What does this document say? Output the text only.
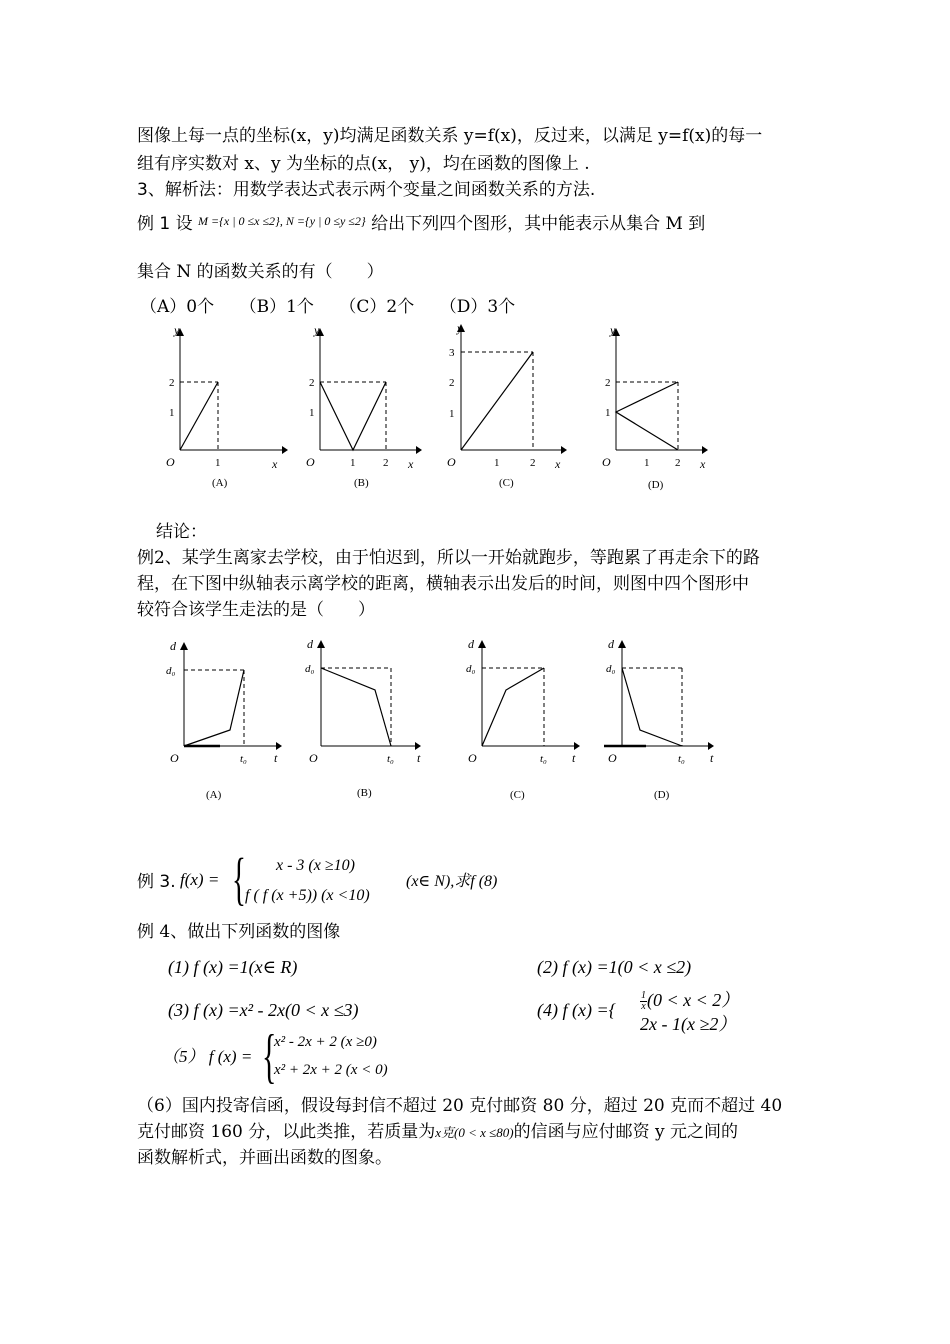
图像上每一点的坐标(x，y)均满足函数关系 y=f(x)，反过来，以满足 y=f(x)的每一
组有序实数对 x、y 为坐标的点(x， y)，均在函数的图像上 .
3、解析法：用数学表达式表示两个变量之间函数关系的方法.
例 1 设 $^{M =\{x | 0 \le x \le 2\}, N =\{y | 0 \le y \le 2\}}$ 给出下列四个图形，其中能表示从集合 M 到
集合 N 的函数关系的有（　　）
（A）0个　　（B）1个　　（C）2个　　（D）3个
y
x
O	1
1
2
(A)
y
x
O	1	2
1
2
(B)
y
x
O	1	2
1
2
3
(C)
y
x
O	1 2
1
2
(D)
结论：
例2、某学生离家去学校，由于怕迟到，所以一开始就跑步，等跑累了再走余下的路
程，在下图中纵轴表示离学校的距离，横轴表示出发后的时间，则图中四个图形中
较符合该学生走法的是（　　）
d
d₀
t
O	t₀
(A)
d
d₀
t
O	t₀
(B)
d
d₀
t
O	t₀
(C)
d
d₀
t
O	t₀
(D)
例 3. f(x) = { x - 3 (x ≥10)
f ( f (x +5)) (x <10)
(x∈ N),求f (8)
例 4、做出下列函数的图像
(1) f (x) =1(x∈ R)	(2) f (x) =1(0 < x ≤2)
(3) f (x) =x² - 2x(0 < x ≤3)	(4) f (x) ={ $\frac{1}{x} (0 < x < 2)$
2x - 1(x ≥2）
（5） f (x) = {
x² - 2x + 2 (x ≥0)
x² + 2x + 2 (x < 0)
（6）国内投寄信函，假设每封信不超过 20 克付邮资 80 分，超过 20 克而不超过 40
克付邮资 160 分，以此类推，若质量为x克(0 < x ≤80)的信函与应付邮资 y 元之间的
函数解析式，并画出函数的图象。
